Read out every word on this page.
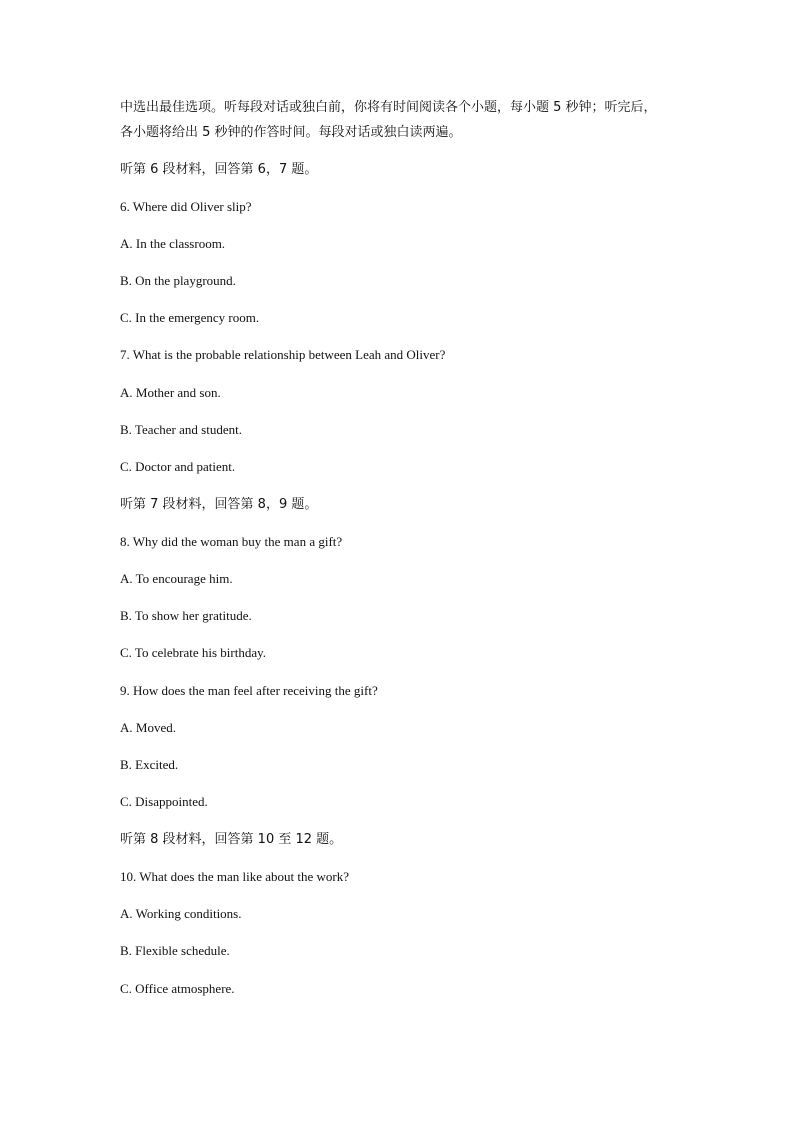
中选出最佳选项。听每段对话或独白前，你将有时间阅读各个小题，每小题 5 秒钟；听完后，
各小题将给出 5 秒钟的作答时间。每段对话或独白读两遍。
听第 6 段材料，回答第 6，7 题。
6. Where did Oliver slip?
A. In the classroom.
B. On the playground.
C. In the emergency room.
7. What is the probable relationship between Leah and Oliver?
A. Mother and son.
B. Teacher and student.
C. Doctor and patient.
听第 7 段材料，回答第 8，9 题。
8. Why did the woman buy the man a gift?
A. To encourage him.
B. To show her gratitude.
C. To celebrate his birthday.
9. How does the man feel after receiving the gift?
A. Moved.
B. Excited.
C. Disappointed.
听第 8 段材料，回答第 10 至 12 题。
10. What does the man like about the work?
A. Working conditions.
B. Flexible schedule.
C. Office atmosphere.
